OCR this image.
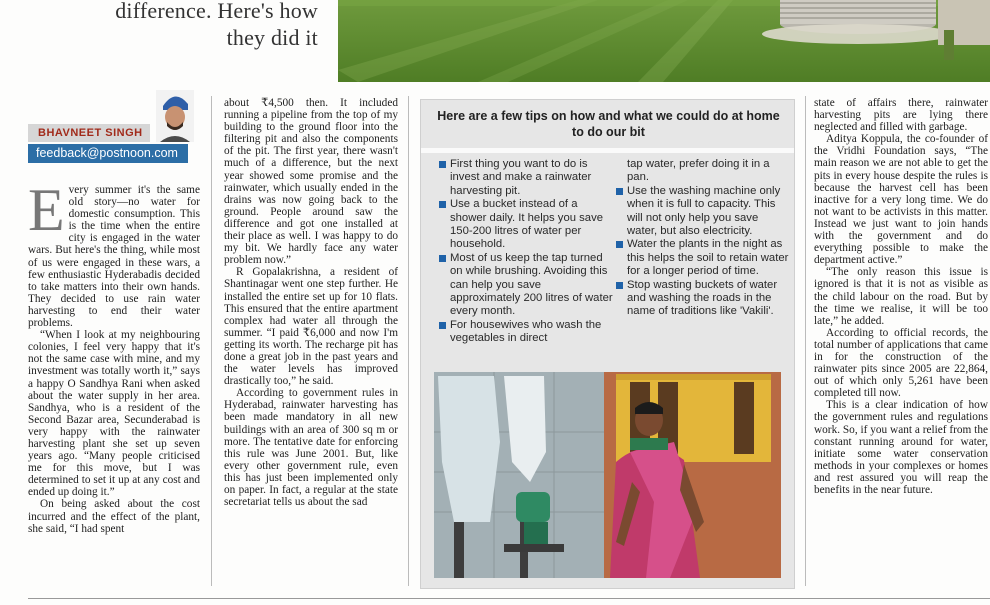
difference. Here's how
they did it
BHAVNEET SINGH
feedback@postnoon.com
E very summer it's the same old story—no water for domestic consumption. This is the time when the entire city is engaged in the water wars. But here's the thing, while most of us were engaged in these wars, a few enthusiastic Hyderabadis decided to take matters into their own hands. They decided to use rain water harvesting to end their water problems.

“When I look at my neighbouring colonies, I feel very happy that it's not the same case with mine, and my investment was totally worth it,” says a happy O Sandhya Rani when asked about the water supply in her area. Sandhya, who is a resident of the Second Bazar area, Secunderabad is very happy with the rainwater harvesting plant she set up seven years ago. “Many people criticised me for this move, but I was determined to set it up at any cost and ended up doing it.”

On being asked about the cost incurred and the effect of the plant, she said, “I had spent

about ₹4,500 then. It included running a pipeline from the top of my building to the ground floor into the filtering pit and also the components of the pit. The first year, there wasn't much of a difference, but the next year showed some promise and the rainwater, which usually ended in the drains was now going back to the ground. People around saw the difference and got one installed at their place as well. I was happy to do my bit. We hardly face any water problem now.”

R Gopalakrishna, a resident of Shantinagar went one step further. He installed the entire set up for 10 flats. This ensured that the entire apartment complex had water all through the summer. “I paid ₹6,000 and now I'm getting its worth. The recharge pit has done a great job in the past years and the water levels has improved drastically too,” he said.

According to government rules in Hyderabad, rainwater harvesting has been made mandatory in all new buildings with an area of 300 sq m or more. The tentative date for enforcing this rule was June 2001. But, like every other government rule, even this has just been implemented only on paper. In fact, a regular at the state secretariat tells us about the sad

Here are a few tips on how and what we could do at home to do our bit
First thing you want to do is invest and make a rainwater harvesting pit.
Use a bucket instead of a shower daily. It helps you save 150-200 litres of water per household.
Most of us keep the tap turned on while brushing. Avoiding this can help you save approximately 200 litres of water every month.
For housewives who wash the vegetables in direct
tap water, prefer doing it in a pan.
Use the washing machine only when it is full to capacity. This will not only help you save water, but also electricity.
Water the plants in the night as this helps the soil to retain water for a longer period of time.
Stop wasting buckets of water and washing the roads in the name of traditions like 'Vakili'.

state of affairs there, rainwater harvesting pits are lying there neglected and filled with garbage.

Aditya Koppula, the co-founder of the Vridhi Foundation says, “The main reason we are not able to get the pits in every house despite the rules is because the harvest cell has been inactive for a very long time. We do not want to be activists in this matter. Instead we just want to join hands with the government and do everything possible to make the department active.”

“The only reason this issue is ignored is that it is not as visible as the child labour on the road. But by the time we realise, it will be too late,” he added.

According to official records, the total number of applications that came in for the construction of the rainwater pits since 2005 are 22,864, out of which only 5,261 have been completed till now.

This is a clear indication of how the government rules and regulations work. So, if you want a relief from the constant running around for water, initiate some water conservation methods in your complexes or homes and rest assured you will reap the benefits in the near future.
